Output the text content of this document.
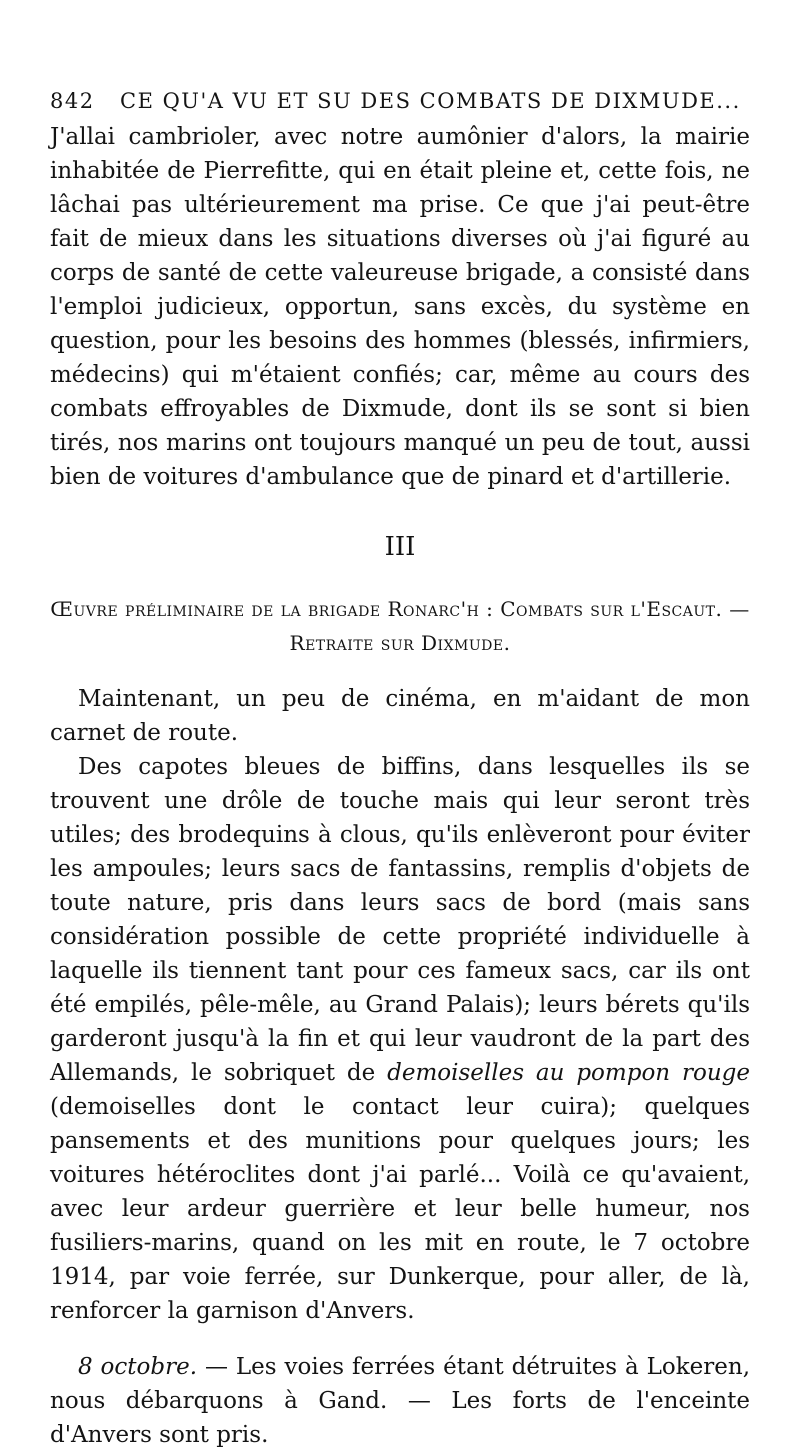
842	CE QU'A VU ET SU DES COMBATS DE DIXMUDE...

J'allai cambrioler, avec notre aumônier d'alors, la mairie inhabitée de Pierrefitte, qui en était pleine et, cette fois, ne lâchai pas ultérieurement ma prise. Ce que j'ai peut-être fait de mieux dans les situations diverses où j'ai figuré au corps de santé de cette valeureuse brigade, a consisté dans l'emploi judicieux, opportun, sans excès, du système en question, pour les besoins des hommes (blessés, infirmiers, médecins) qui m'étaient confiés; car, même au cours des combats effroyables de Dixmude, dont ils se sont si bien tirés, nos marins ont toujours manqué un peu de tout, aussi bien de voitures d'ambulance que de pinard et d'artillerie.

III
Œuvre préliminaire de la brigade Ronarc'h : Combats sur l'Escaut. —
Retraite sur Dixmude.

Maintenant, un peu de cinéma, en m'aidant de mon carnet de route.

Des capotes bleues de biffins, dans lesquelles ils se trouvent une drôle de touche mais qui leur seront très utiles; des brodequins à clous, qu'ils enlèveront pour éviter les ampoules; leurs sacs de fantassins, remplis d'objets de toute nature, pris dans leurs sacs de bord (mais sans considération possible de cette propriété individuelle à laquelle ils tiennent tant pour ces fameux sacs, car ils ont été empilés, pêle-mêle, au Grand Palais); leurs bérets qu'ils garderont jusqu'à la fin et qui leur vaudront de la part des Allemands, le sobriquet de demoiselles au pompon rouge (demoiselles dont le contact leur cuira); quelques pansements et des munitions pour quelques jours; les voitures hétéroclites dont j'ai parlé... Voilà ce qu'avaient, avec leur ardeur guerrière et leur belle humeur, nos fusiliers-marins, quand on les mit en route, le 7 octobre 1914, par voie ferrée, sur Dunkerque, pour aller, de là, renforcer la garnison d'Anvers.

8 octobre. — Les voies ferrées étant détruites à Lokeren, nous débarquons à Gand. — Les forts de l'enceinte d'Anvers sont pris.
